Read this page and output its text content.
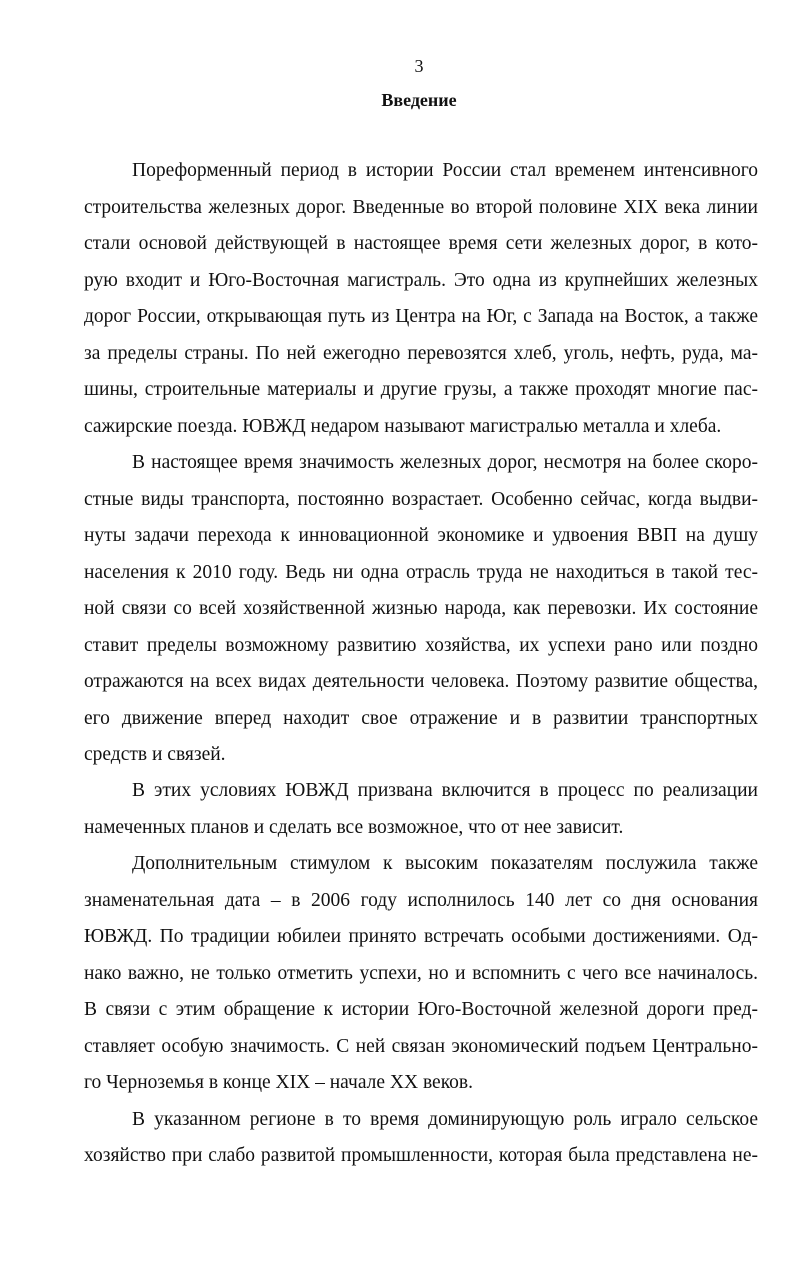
3
Введение
Пореформенный период в истории России стал временем интенсивного
строительства железных дорог. Введенные во второй половине XIX века линии
стали основой действующей в настоящее время сети железных дорог, в кото-
рую входит и Юго-Восточная магистраль. Это одна из крупнейших железных
дорог России, открывающая путь из Центра на Юг, с Запада на Восток, а также
за пределы страны. По ней ежегодно перевозятся хлеб, уголь, нефть, руда, ма-
шины, строительные материалы и другие грузы, а также проходят многие пас-
сажирские поезда. ЮВЖД недаром называют магистралью металла и хлеба.
В настоящее время значимость железных дорог, несмотря на более скоро-
стные виды транспорта, постоянно возрастает. Особенно сейчас, когда выдви-
нуты задачи перехода к инновационной экономике и удвоения ВВП на душу
населения к 2010 году. Ведь ни одна отрасль труда не находиться в такой тес-
ной связи со всей хозяйственной жизнью народа, как перевозки. Их состояние
ставит пределы возможному развитию хозяйства, их успехи рано или поздно
отражаются на всех видах деятельности человека. Поэтому развитие общества,
его движение вперед находит свое отражение и в развитии транспортных
средств и связей.
В этих условиях ЮВЖД призвана включится в процесс по реализации
намеченных планов и сделать все возможное, что от нее зависит.
Дополнительным стимулом к высоким показателям послужила также
знаменательная дата – в 2006 году исполнилось 140 лет со дня основания
ЮВЖД. По традиции юбилеи принято встречать особыми достижениями. Од-
нако важно, не только отметить успехи, но и вспомнить с чего все начиналось.
В связи с этим обращение к истории Юго-Восточной железной дороги пред-
ставляет особую значимость. С ней связан экономический подъем Центрально-
го Черноземья в конце XIX – начале XX веков.
В указанном регионе в то время доминирующую роль играло сельское
хозяйство при слабо развитой промышленности, которая была представлена не-
